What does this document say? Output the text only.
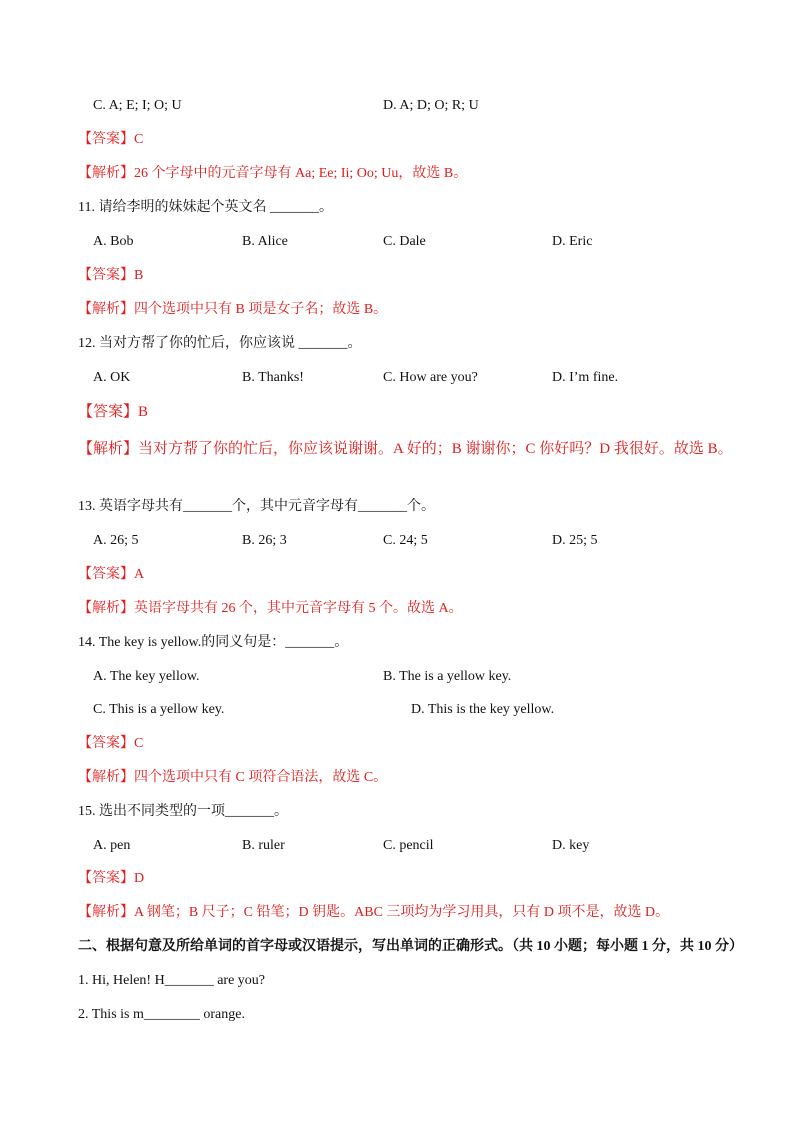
C. A; E; I; O; U	D. A; D; O; R; U
【答案】C
【解析】26 个字母中的元音字母有 Aa; Ee; Ii; Oo; Uu，故选 B。
11. 请给李明的妹妹起个英文名 _______。
A. Bob	B. Alice	C. Dale	D. Eric
【答案】B
【解析】四个选项中只有 B 项是女子名；故选 B。
12. 当对方帮了你的忙后，你应该说 _______。
A. OK	B. Thanks!	C. How are you?	D. I’m fine.
【答案】B
【解析】当对方帮了你的忙后，你应该说谢谢。A 好的；B 谢谢你；C 你好吗？D 我很好。故选 B。
13. 英语字母共有_______个，其中元音字母有_______个。
A. 26; 5	B. 26; 3	C. 24; 5	D. 25; 5
【答案】A
【解析】英语字母共有 26 个，其中元音字母有 5 个。故选 A。
14. The key is yellow.的同义句是：_______。
A. The key yellow.	B. The is a yellow key.
C. This is a yellow key.	D. This is the key yellow.
【答案】C
【解析】四个选项中只有 C 项符合语法，故选 C。
15. 选出不同类型的一项_______。
A. pen	B. ruler	C. pencil	D. key
【答案】D
【解析】A 钢笔；B 尺子；C 铅笔；D 钥匙。ABC 三项均为学习用具，只有 D 项不是，故选 D。
二、根据句意及所给单词的首字母或汉语提示，写出单词的正确形式。（共 10 小题；每小题 1 分，共 10 分）
1. Hi, Helen! H_______ are you?
2. This is m________ orange.
